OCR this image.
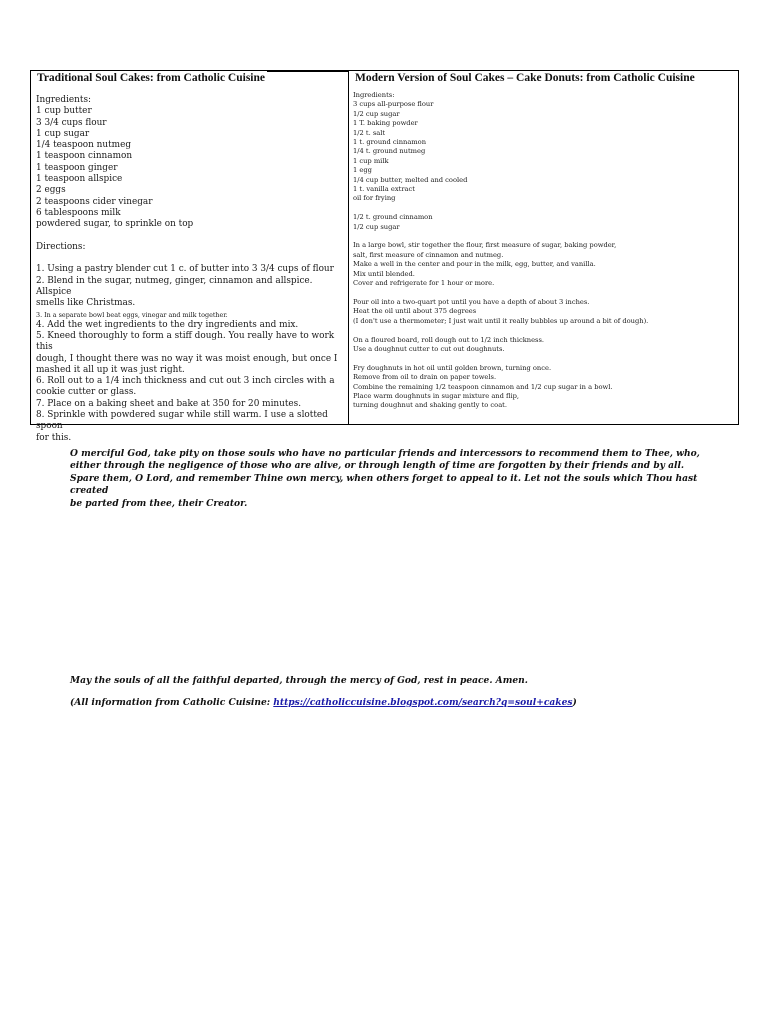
Traditional Soul Cakes: from Catholic Cuisine
Ingredients:
1 cup butter
3 3/4 cups flour
1 cup sugar
1/4 teaspoon nutmeg
1 teaspoon cinnamon
1 teaspoon ginger
1 teaspoon allspice
2 eggs
2 teaspoons cider vinegar
6 tablespoons milk
powdered sugar, to sprinkle on top
Directions:
1. Using a pastry blender cut 1 c. of butter into 3 3/4 cups of flour
2. Blend in the sugar, nutmeg, ginger, cinnamon and allspice. Allspice
smells like Christmas.
3. In a separate bowl beat eggs, vinegar and milk together.
4. Add the wet ingredients to the dry ingredients and mix.
5. Kneed thoroughly to form a stiff dough. You really have to work this
dough, I thought there was no way it was moist enough, but once I
mashed it all up it was just right.
6. Roll out to a 1/4 inch thickness and cut out 3 inch circles with a
cookie cutter or glass.
7. Place on a baking sheet and bake at 350 for 20 minutes.
8. Sprinkle with powdered sugar while still warm. I use a slotted spoon
for this.
Modern Version of Soul Cakes – Cake Donuts: from Catholic Cuisine
Ingredients:
3 cups all-purpose flour
1/2 cup sugar
1 T. baking powder
1/2 t. salt
1 t. ground cinnamon
1/4 t. ground nutmeg
1 cup milk
1 egg
1/4 cup butter, melted and cooled
1 t. vanilla extract
oil for frying
1/2 t. ground cinnamon
1/2 cup sugar
In a large bowl, stir together the flour, first measure of sugar, baking powder,
salt, first measure of cinnamon and nutmeg.
Make a well in the center and pour in the milk, egg, butter, and vanilla.
Mix until blended.
Cover and refrigerate for 1 hour or more.
Pour oil into a two-quart pot until you have a depth of about 3 inches.
Heat the oil until about 375 degrees
(I don't use a thermometer; I just wait until it really bubbles up around a bit of dough).
On a floured board, roll dough out to 1/2 inch thickness.
Use a doughnut cutter to cut out doughnuts.
Fry doughnuts in hot oil until golden brown, turning once.
Remove from oil to drain on paper towels.
Combine the remaining 1/2 teaspoon cinnamon and 1/2 cup sugar in a bowl.
Place warm doughnuts in sugar mixture and flip,
turning doughnut and shaking gently to coat.
O merciful God, take pity on those souls who have no particular friends and intercessors to recommend them to Thee, who,
either through the negligence of those who are alive, or through length of time are forgotten by their friends and by all.
Spare them, O Lord, and remember Thine own mercy, when others forget to appeal to it. Let not the souls which Thou hast
created
be parted from thee, their Creator.
May the souls of all the faithful departed, through the mercy of God, rest in peace. Amen.
(All information from Catholic Cuisine: https://catholiccuisine.blogspot.com/search?q=soul+cakes)
